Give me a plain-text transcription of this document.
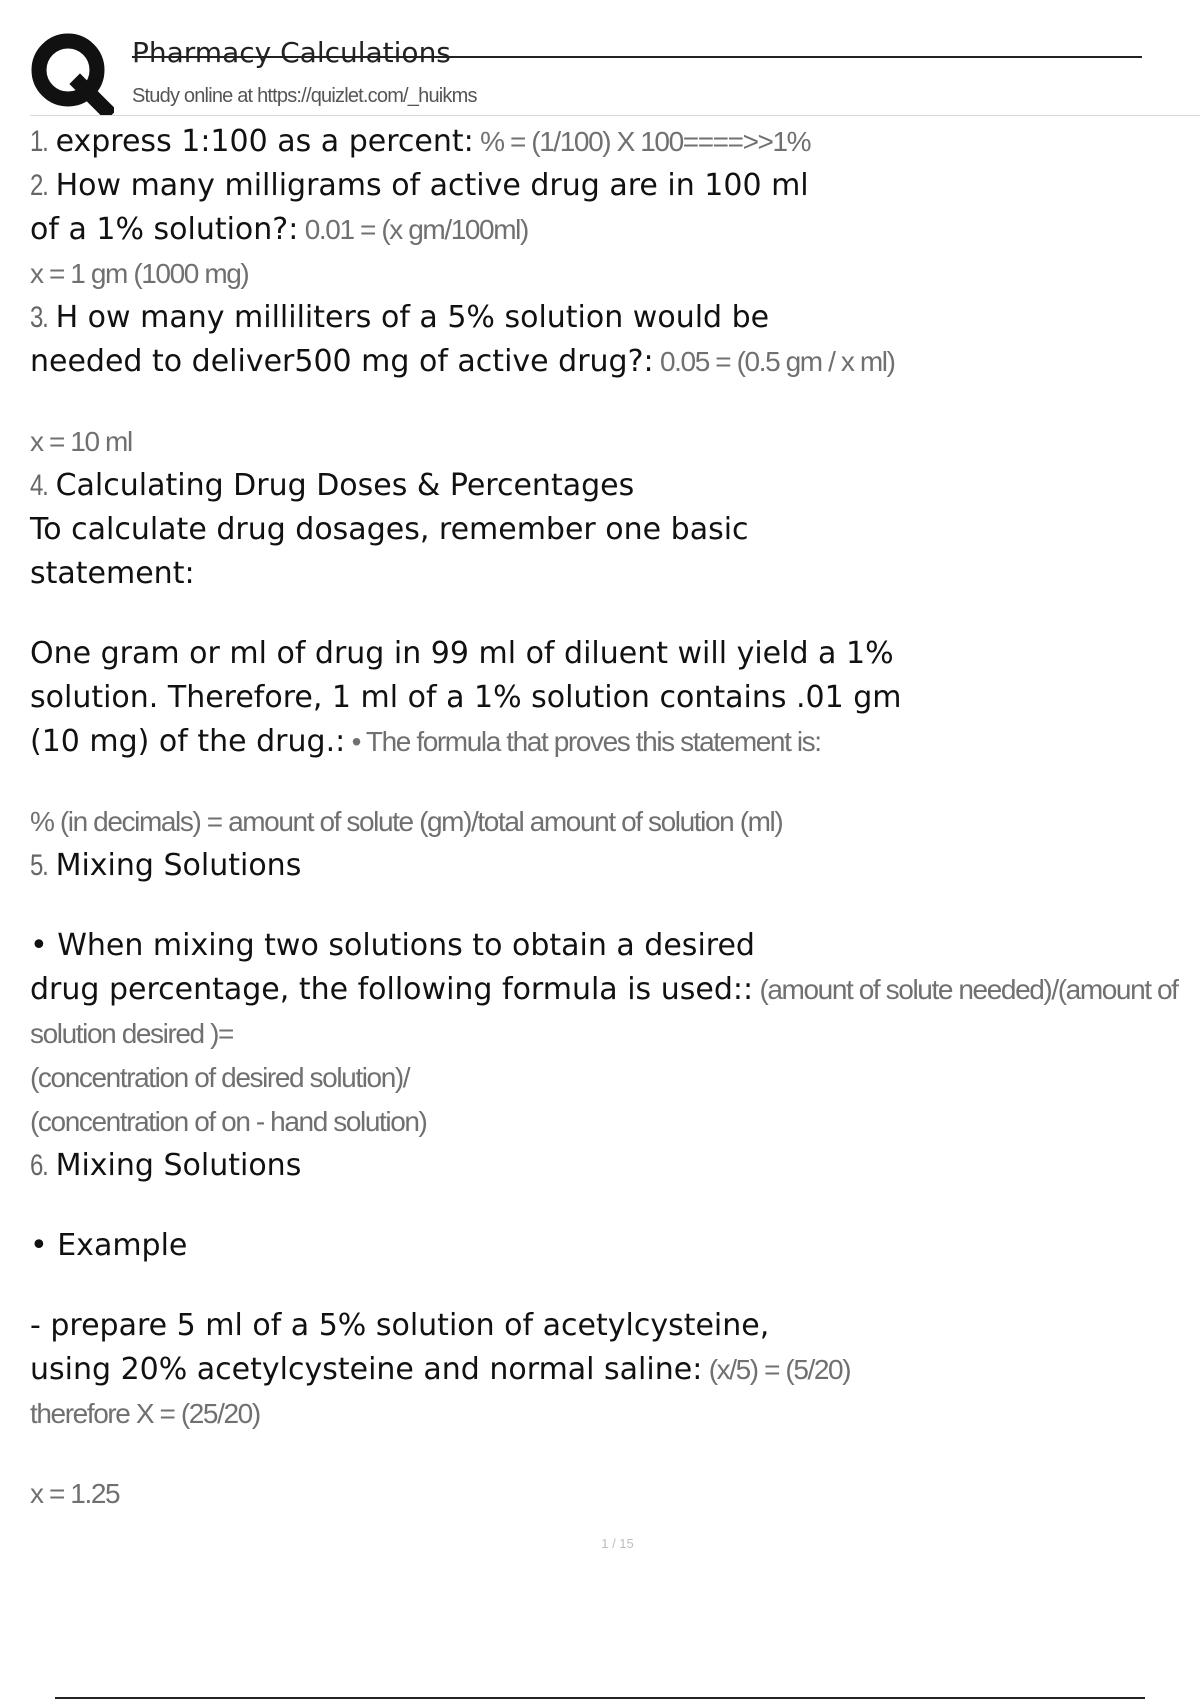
Pharmacy Calculations
Study online at https://quizlet.com/_huikms
1. express 1:100 as a percent: % = (1/100) X 100====>>1%
2. How many milligrams of active drug are in 100 ml
of a 1% solution?: 0.01 = (x gm/100ml)
x = 1 gm (1000 mg)
3. H ow many milliliters of a 5% solution would be
needed to deliver500 mg of active drug?: 0.05 = (0.5 gm / x ml)
x = 10 ml
4. Calculating Drug Doses & Percentages
To calculate drug dosages, remember one basic
statement:
One gram or ml of drug in 99 ml of diluent will yield a 1%
solution. Therefore, 1 ml of a 1% solution contains .01 gm
(10 mg) of the drug.: • The formula that proves this statement is:
% (in decimals) = amount of solute (gm)/total amount of solution (ml)
5. Mixing Solutions
• When mixing two solutions to obtain a desired
drug percentage, the following formula is used:: (amount of solute needed)/(amount of
solution desired )=
(concentration of desired solution)/
(concentration of on - hand solution)
6. Mixing Solutions
• Example
- prepare 5 ml of a 5% solution of acetylcysteine,
using 20% acetylcysteine and normal saline: (x/5) = (5/20)
therefore X = (25/20)
x = 1.25
1 / 15
